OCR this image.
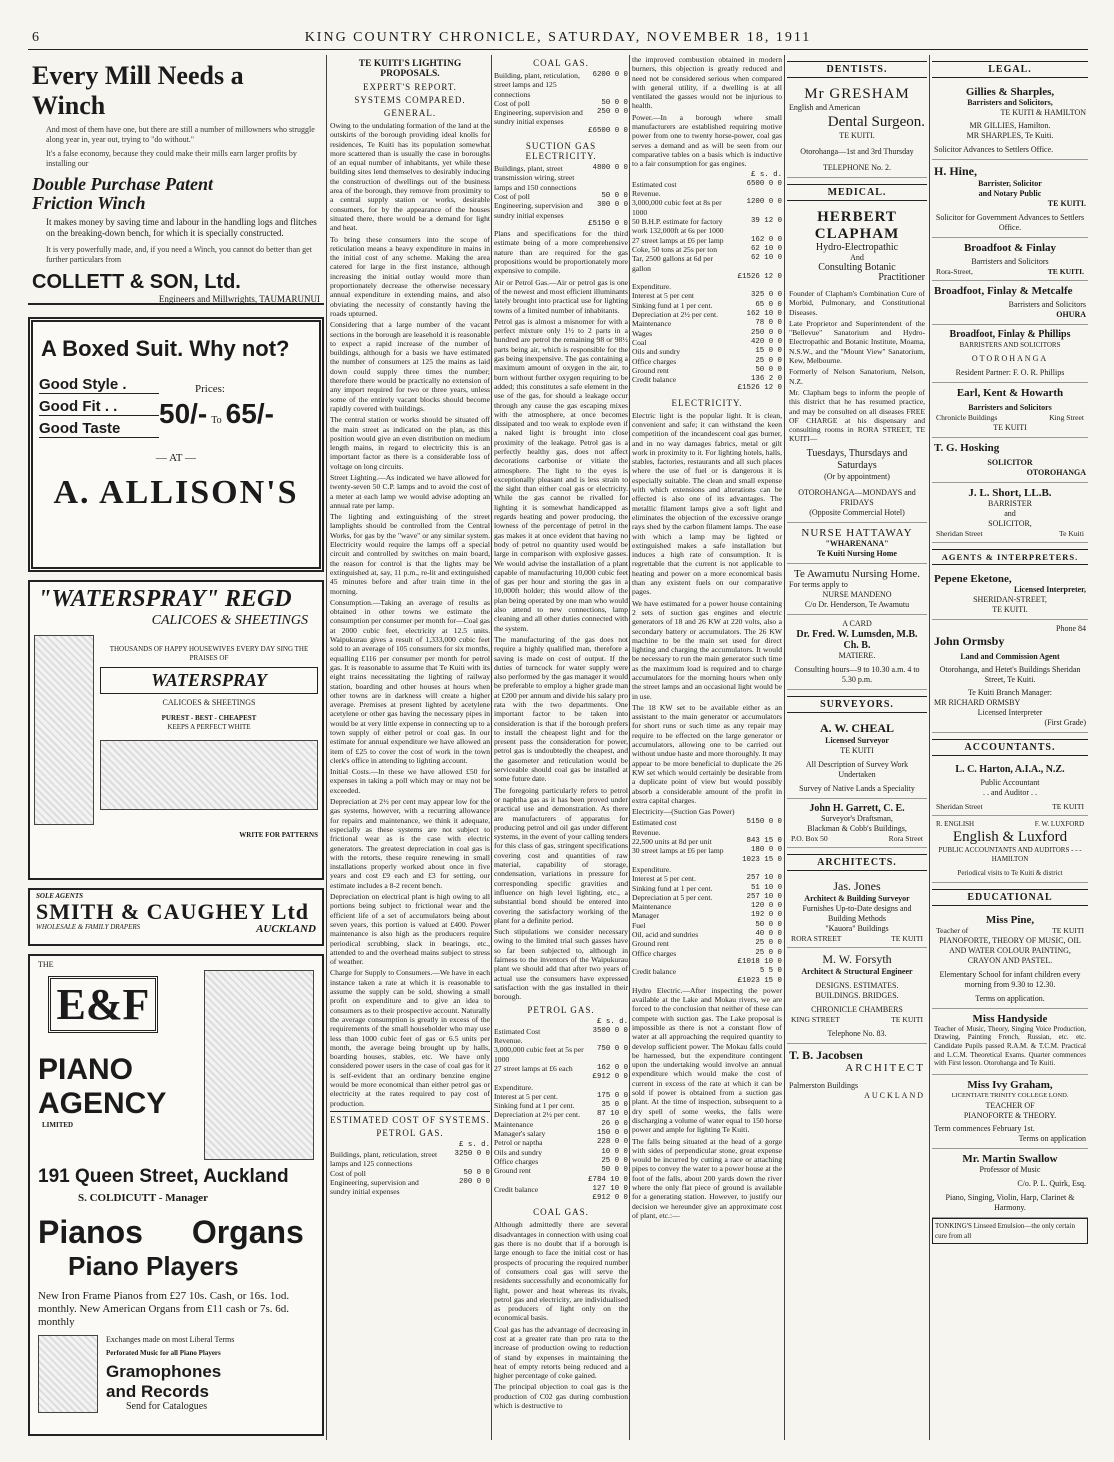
6	KING COUNTRY CHRONICLE, SATURDAY, NOVEMBER 18, 1911
Every Mill Needs a Winch
And most of them have one, but there are still a number of millowners who struggle along year in, year out, trying to "do without."
It's a false economy, because they could make their mills earn larger profits by installing our
Double Purchase Patent Friction Winch
It makes money by saving time and labour in the handling logs and flitches on the breaking-down bench, for which it is specially constructed.
It is very powerfully made, and, if you need a Winch, you cannot do better than get further particulars from
COLLETT & SON, Ltd.
Engineers and Millwrights, TAUMARUNUI
A Boxed Suit. Why not?
Good Style .
Good Fit . .
Good Taste
Prices:
50/- To 65/-
— AT —
A. ALLISON'S
"WATERSPRAY" REGD
CALICOES & SHEETINGS
THOUSANDS OF HAPPY HOUSEWIVES EVERY DAY SING THE PRAISES OF
WATERSPRAY
CALICOES & SHEETINGS
PUREST - BEST - CHEAPEST
KEEPS A PERFECT WHITE
WRITE FOR PATTERNS
SOLE AGENTS
SMITH & CAUGHEY Ltd
WHOLESALE & FAMILY DRAPERS	AUCKLAND
THE
E&F
PIANO
AGENCY
LIMITED
191 Queen Street, Auckland
S. COLDICUTT - Manager
Pianos Organs
Piano Players
New Iron Frame Pianos from £27 10s. Cash, or 16s. 1od. monthly. New American Organs from £11 cash or 7s. 6d. monthly
Exchanges made on most Liberal Terms
Perforated Music for all Piano Players
Gramophones
and Records
Send for Catalogues
TE KUITI'S LIGHTING PROPOSALS.
EXPERT'S REPORT.
SYSTEMS COMPARED.
GENERAL.
Owing to the undulating formation of the land at the outskirts of the borough providing ideal knolls for residences, Te Kuiti has its population somewhat more scattered than is usually the case in boroughs of an equal number of inhabitants, yet while these building sites lend themselves to desirably inducing the construction of dwellings out of the business area of the borough, they remove from proximity to a central supply station or works, desirable consumers, for by the appearance of the houses situated there, there would be a demand for light and heat.
To bring these consumers into the scope of reticulation means a heavy expenditure in mains in the initial cost of any scheme. Making the area catered for large in the first instance, although increasing the initial outlay would more than proportionately decrease the otherwise necessary annual expenditure in extending mains, and also obviating the necessity of constantly having the roads upturned.
Considering that a large number of the vacant sections in the borough are leasehold it is reasonable to expect a rapid increase of the number of buildings, although for a basis we have estimated the number of consumers at 125 the mains as laid down could supply three times the number; therefore there would be practically no extension of any import required for two or three years, unless some of the entirely vacant blocks should become rapidly covered with buildings.
The central station or works should be situated off the main street as indicated on the plan, as this position would give an even distribution on medium length mains, in regard to electricity this is an important factor as there is a considerable loss of voltage on long circuits.
Street Lighting.—As indicated we have allowed for twenty-seven 50 C.P. lamps and to avoid the cost of a meter at each lamp we would advise adopting an annual rate per lamp.
The lighting and extinguishing of the street lamplights should be controlled from the Central Works, for gas by the "wave" or any similar system. Electricity would require the lamps off a special circuit and controlled by switches on main board, the reason for control is that the lights may be extinguished at, say, 11 p.m., re-lit and extinguished 45 minutes before and after train time in the morning.
Consumption.—Taking an average of results as obtained in other towns we estimate the consumption per consumer per month for—Coal gas at 2000 cubic feet, electricity at 12.5 units. Waipukurau gives a result of 1,333,000 cubic feet sold to an average of 105 consumers for six months, equalling £116 per consumer per month for petrol gas. It is reasonable to assume that Te Kuiti with its eight trains necessitating the lighting of railway station, boarding and other houses at hours when other towns are in darkness will create a higher average. Premises at present lighted by acetylene acetylene or other gas having the necessary pipes in would be at very little expense in connecting up to a town supply of either petrol or coal gas. In our estimate for annual expenditure we have allowed an item of £25 to cover the cost of work in the town clerk's office in attending to lighting account.
Initial Costs.—In these we have allowed £50 for expenses in taking a poll which may or may not be exceeded.
Depreciation at 2½ per cent may appear low for the gas systems, however, with a recurring allowance for repairs and maintenance, we think it adequate, especially as these systems are not subject to frictional wear as is the case with electric generators. The greatest depreciation in coal gas is with the retorts, these require renewing in small installations properly worked about once in five years and cost £9 each and £3 for setting, our estimate includes a 8-2 recent bench.
Depreciation on electrical plant is high owing to all portions being subject to frictional wear and the efficient life of a set of accumulators being about seven years, this portion is valued at £400. Power maintenance is also high as the producers require periodical scrubbing, slack in bearings, etc., attended to and the overhead mains subject to stress of weather.
Charge for Supply to Consumers.—We have in each instance taken a rate at which it is reasonable to assume the supply can be sold, showing a small profit on expenditure and to give an idea to consumers as to their prospective account. Naturally the average consumption is greatly in excess of the requirements of the small householder who may use less than 1000 cubic feet of gas or 6.5 units per month, the average being brought up by halls, boarding houses, stables, etc. We have only considered power users in the case of coal gas for it is self-evident that an ordinary benzine engine would be more economical than either petrol gas or electricity at the rates required to pay cost of production.
ESTIMATED COST OF SYSTEMS.
PETROL GAS.
£ s. d.
Buildings, plant, reticulation, street lamps and 125 connections
3250 0 0
Cost of poll	50 0 0
Engineering, supervision and sundry initial expenses
200 0 0
COAL GAS.
Building, plant, reticulation, street lamps and 125 connections
6200 0 0
Cost of poll	50 0 0
Engineering, supervision and sundry initial expenses
250 0 0
£6500 0 0
SUCTION GAS ELECTRICITY.
Buildings, plant, street transmission wiring, street lamps and 150 connections
4800 0 0
Cost of poll	50 0 0
Engineering, supervision and sundry initial expenses
300 0 0
£5150 0 0
Plans and specifications for the third estimate being of a more comprehensive nature than are required for the gas propositions would be proportionately more expensive to compile.
Air or Petrol Gas.—Air or petrol gas is one of the newest and most efficient illuminants lately brought into practical use for lighting towns of a limited number of inhabitants.
Petrol gas is almost a misnomer for with a perfect mixture only 1½ to 2 parts in a hundred are petrol the remaining 98 or 98½ parts being air, which is responsible for the gas being inexpensive. The gas containing a maximum amount of oxygen in the air, to burn without further oxygen requiring to be added; this constitutes a safe element in the use of the gas, for should a leakage occur through any cause the gas escaping mixes with the atmosphere, at once becomes dissipated and too weak to explode even if a naked light is brought into close proximity of the leakage. Petrol gas is a perfectly healthy gas, does not affect decorations carbonise or vitiate the atmosphere. The light to the eyes is exceptionally pleasant and is less strain to the sight than either coal gas or electricity. While the gas cannot be rivalled for lighting it is somewhat handicapped as regards heating and power producing, the lowness of the percentage of petrol in the gas makes it at once evident that having no body of petrol no quantity used would be large in comparison with explosive gasses. We would advise the installation of a plant capable of manufacturing 10,000 cubic feet of gas per hour and storing the gas in a 10,000ft holder; this would allow of the plan being operated by one man who would also attend to new connections, lamp cleaning and all other duties connected with the system.
The manufacturing of the gas does not require a highly qualified man, therefore a saving is made on cost of output. If the duties of turncock for water supply were also performed by the gas manager it would be preferable to employ a higher grade man at £200 per annum and divide his salary pro rata with the two departments. One important factor to be taken into consideration is that if the borough prefers to install the cheapest light and for the present pass the consideration for power, petrol gas is undoubtedly the cheapest, and the gasometer and reticulation would be serviceable should coal gas be installed at some future date.
The foregoing particularly refers to petrol or naphtha gas as it has been proved under practical use and demonstration. As there are manufacturers of apparatus for producing petrol and oil gas under different systems, in the event of your calling tenders for this class of gas, stringent specifications covering cost and quantities of raw material, capability of storage, condensation, variations in pressure for corresponding specific gravities and influence on high level lighting, etc., a substantial bond should be entered into covering the satisfactory working of the plant for a definite period.
Such stipulations we consider necessary owing to the limited trial such gasses have so far been subjected to, although in fairness to the inventors of the Waipukurau plant we should add that after two years of actual use the consumers have expressed satisfaction with the gas installed in their borough.
PETROL GAS.
£ s. d.
Estimated Cost	3500 0 0
Revenue.
3,000,000 cubic feet at 5s per 1000
750 0 0
27 street lamps at £6 each	162 0 0
£912 0 0
Expenditure.
Interest at 5 per cent.	175 0 0
Sinking fund at 1 per cent.	35 0 0
Depreciation at 2½ per cent. 87 10 0
Maintenance	26 0 0
Manager's salary	150 0 0
Petrol or naptha	228 0 0
Oils and sundry	10 0 0
Office charges	25 0 0
Ground rent	50 0 0
£784 10 0
Credit balance	127 10 0
£912 0 0
COAL GAS.
Although admittedly there are several disadvantages in connection with using coal gas there is no doubt that if a borough is large enough to face the initial cost or has prospects of procuring the required number of consumers coal gas will serve the residents successfully and economically for light, power and heat whereas its rivals, petrol gas and electricity, are individualised as producers of light only on the economical basis.
Coal gas has the advantage of decreasing in cost at a greater rate than pro rata to the increase of production owing to reduction of stand by expenses in maintaining the heat of empty retorts being reduced and a higher percentage of coke gained.
The principal objection to coal gas is the production of C02 gas during combustion which is destructive to
the improved combustion obtained in modern burners, this objection is greatly reduced and need not be considered serious when compared with general utility, if a dwelling is at all ventilated the gasses would not be injurious to health.
Power.—In a borough where small manufacturers are established requiring motive power from one to twenty horse-power, coal gas serves a demand and as will be seen from our comparative tables on a basis which is inductive to a fair consumption for gas engines.
£ s. d.
Estimated cost	6500 0 0
Revenue.
3,000,000 cubic feet at 8s per 1000
1200 0 0
50 B.H.P. estimate for factory work 132,000ft at 6s per 1000
39 12 0
27 street lamps at £6 per lamp	162 0 0
Coke, 50 tons at 25s per ton	62 10 0
Tar, 2500 gallons at 6d per gallon
62 10 0
£1526 12 0
Expenditure.
Interest at 5 per cent	325 0 0
Sinking fund at 1 per cent.	65 0 0
Depreciation at 2½ per cent.	162 10 0
Maintenance	78 0 0
Wages	250 0 0
Coal	420 0 0
Oils and sundry	15 0 0
Office charges	25 0 0
Ground rent	50 0 0
Credit balance	136 2 0
£1526 12 0
ELECTRICITY.
Electric light is the popular light. It is clean, convenient and safe; it can withstand the keen competition of the incandescent coal gas burner, and in no way damages fabrics, metal or gilt work in proximity to it. For lighting hotels, halls, stables, factories, restaurants and all such places where the use of fuel or is dangerous it is especially suitable. The clean and small expense with which extensions and alterations can be effected is also one of its advantages. The metallic filament lamps give a soft light and eliminates the objection of the excessive orange rays shed by the carbon filament lamps. The ease with which a lamp may be lighted or extinguished makes a safe installation but induces a high rate of consumption. It is regrettable that the current is not applicable to heating and power on a more economical basis than any existent fuels on our comparative pages.
We have estimated for a power house containing 2 sets of suction gas engines and electric generators of 18 and 26 KW at 220 volts, also a secondary battery or accumulators. The 26 KW machine to be the main set used for direct lighting and charging the accumulators. It would be necessary to run the main generator such time as the maximum load is required and to charge accumulators for the morning hours when only the street lamps and an occasional light would be in use.
The 18 KW set to be available either as an assistant to the main generator or accumulators for short runs or such time as any repair may require to be effected on the large generator or accumulators, allowing one to be carried out without undue haste and more thoroughly. It may appear to be more beneficial to duplicate the 26 KW set which would certainly be desirable from a duplicate point of view but would possibly absorb a considerable amount of the profit in extra capital charges.
Electricity—(Suction Gas Power)
Estimated cost	5150 0 0
Revenue.
22,500 units at 8d per unit	843 15 0
30 street lamps at £6 per lamp	180 0 0
1023 15 0
Expenditure.
Interest at 5 per cent.	257 10 0
Sinking fund at 1 per cent.	51 10 0
Depreciation at 5 per cent.	257 10 0
Maintenance	120 0 0
Manager	192 0 0
Fuel	50 0 0
Oil, acid and sundries	40 0 0
Ground rent	25 0 0
Office charges	25 0 0
£1018 10 0
Credit balance	5 5 0
£1023 15 0
Hydro Electric.—After inspecting the power available at the Lake and Mokau rivers, we are forced to the conclusion that neither of these can compete with suction gas. The Lake proposal is impossible as there is not a constant flow of water at all approaching the required quantity to develop sufficient power. The Mokau falls could be harnessed, but the expenditure contingent upon the undertaking would involve an annual expenditure which would make the cost of current in excess of the rate at which it can be sold if power is obtained from a suction gas plant. At the time of inspection, subsequent to a dry spell of some weeks, the falls were discharging a volume of water equal to 150 horse power and ample for lighting Te Kuiti.
The falls being situated at the head of a gorge with sides of perpendicular stone, great expense would be incurred by cutting a race or attaching pipes to convey the water to a power house at the foot of the falls, about 200 yards down the river where the only flat piece of ground is available for a generating station. However, to justify our decision we hereunder give an approximate cost of plant, etc.:—
DENTISTS.
Mr GRESHAM
English and American
Dental Surgeon.
TE KUITI.
Otorohanga—1st and 3rd Thursday
TELEPHONE No. 2.
MEDICAL.
HERBERT CLAPHAM
Hydro-Electropathic
And
Consulting Botanic
Practitioner
Founder of Clapham's Combination Cure of Morbid, Pulmonary, and Constitutional Diseases.
Late Proprietor and Superintendent of the "Bellevue" Sanatorium and Hydro-Electropathic and Botanic Institute, Moama, N.S.W., and the "Mount View" Sanatorium, Kew, Melbourne.
Formerly of Nelson Sanatorium, Nelson, N.Z.
Mr. Clapham begs to inform the people of this district that he has resumed practice, and may be consulted on all diseases FREE OF CHARGE at his dispensary and consulting rooms in RORA STREET, TE KUITI—
Tuesdays, Thursdays and Saturdays
(Or by appointment)
OTOROHANGA—MONDAYS and FRIDAYS
(Opposite Commercial Hotel)
NURSE HATTAWAY
"WHARENANA"
Te Kuiti Nursing Home
Te Awamutu Nursing Home.
For terms apply to
NURSE MANDENO
C/o Dr. Henderson, Te Awamutu
A CARD
Dr. Fred. W. Lumsden, M.B. Ch. B.
MATIERE.
Consulting hours—9 to 10.30 a.m. 4 to 5.30 p.m.
SURVEYORS.
A. W. CHEAL
Licensed Surveyor
TE KUITI
All Description of Survey Work Undertaken
Survey of Native Lands a Speciality
John H. Garrett, C. E.
Surveyor's Draftsman,
Blackman & Cobb's Buildings,
P.O. Box 50	Rora Street
ARCHITECTS.
Jas. Jones
Architect & Building Surveyor
Furnishes Up-to-Date designs and Building Methods
"Kauora" Buildings
RORA STREET	TE KUITI
M. W. Forsyth
Architect & Structural Engineer
DESIGNS. ESTIMATES.
BUILDINGS. BRIDGES.
CHRONICLE CHAMBERS
KING STREET	TE KUITI
Telephone No. 83.
T. B. Jacobsen
ARCHITECT
Palmerston Buildings
AUCKLAND
LEGAL.
Gillies & Sharples,
Barristers and Solicitors,
TE KUITI & HAMILTON
MR GILLIES, Hamilton.
MR SHARPLES, Te Kuiti.
Solicitor Advances to Settlers Office.
H. Hine,
Barrister, Solicitor
and Notary Public
TE KUITI.
Solicitor for Government Advances to Settlers Office.
Broadfoot & Finlay
Barristers and Solicitors
Rora-Street,	TE KUITI.
Broadfoot, Finlay & Metcalfe
Barristers and Solicitors
OHURA
Broadfoot, Finlay & Phillips
BARRISTERS AND SOLICITORS
OTOROHANGA
Resident Partner: F. O. R. Phillips
Earl, Kent & Howarth
Barristers and Solicitors
Chronicle Buildings	King Street
TE KUITI
T. G. Hosking
SOLICITOR
OTOROHANGA
J. L. Short, LL.B.
BARRISTER
and
SOLICITOR,
Sheridan Street	Te Kuiti
AGENTS & INTERPRETERS.
Pepene Eketone,
Licensed Interpreter,
SHERIDAN-STREET,
TE KUITI.
Phone 84
John Ormsby
Land and Commission Agent
Otorohanga, and Hetet's Buildings Sheridan Street, Te Kuiti.
Te Kuiti Branch Manager:
MR RICHARD ORMSBY
Licensed Interpreter
(First Grade)
ACCOUNTANTS.
L. C. Harton, A.I.A., N.Z.
Public Accountant
. . and Auditor . .
Sheridan Street	TE KUITI
R. ENGLISH	F. W. LUXFORD
English & Luxford
PUBLIC ACCOUNTANTS AND AUDITORS - - - HAMILTON
Periodical visits to Te Kuiti & district
EDUCATIONAL
Miss Pine,
Teacher of	TE KUITI
PIANOFORTE, THEORY OF MUSIC, OIL AND WATER COLOUR PAINTING, CRAYON AND PASTEL.
Elementary School for infant children every morning from 9.30 to 12.30.
Terms on application.
Miss Handyside
Teacher of Music, Theory, Singing Voice Production, Drawing, Painting French, Russian, etc. etc. Candidate Pupils passed R.A.M. & T.C.M. Practical and L.C.M. Theoretical Exams. Quarter commences with First lesson. Otorohanga and Te Kuiti.
Miss Ivy Graham,
LICENTIATE TRINITY COLLEGE LOND.
TEACHER OF
PIANOFORTE & THEORY.
Term commences February 1st.
Terms on application
Mr. Martin Swallow
Professor of Music
C/o. P. L. Quirk, Esq.
Piano, Singing, Violin, Harp, Clarinet & Harmony.
TONKING'S Linseed Emulsion—the only certain cure from all
